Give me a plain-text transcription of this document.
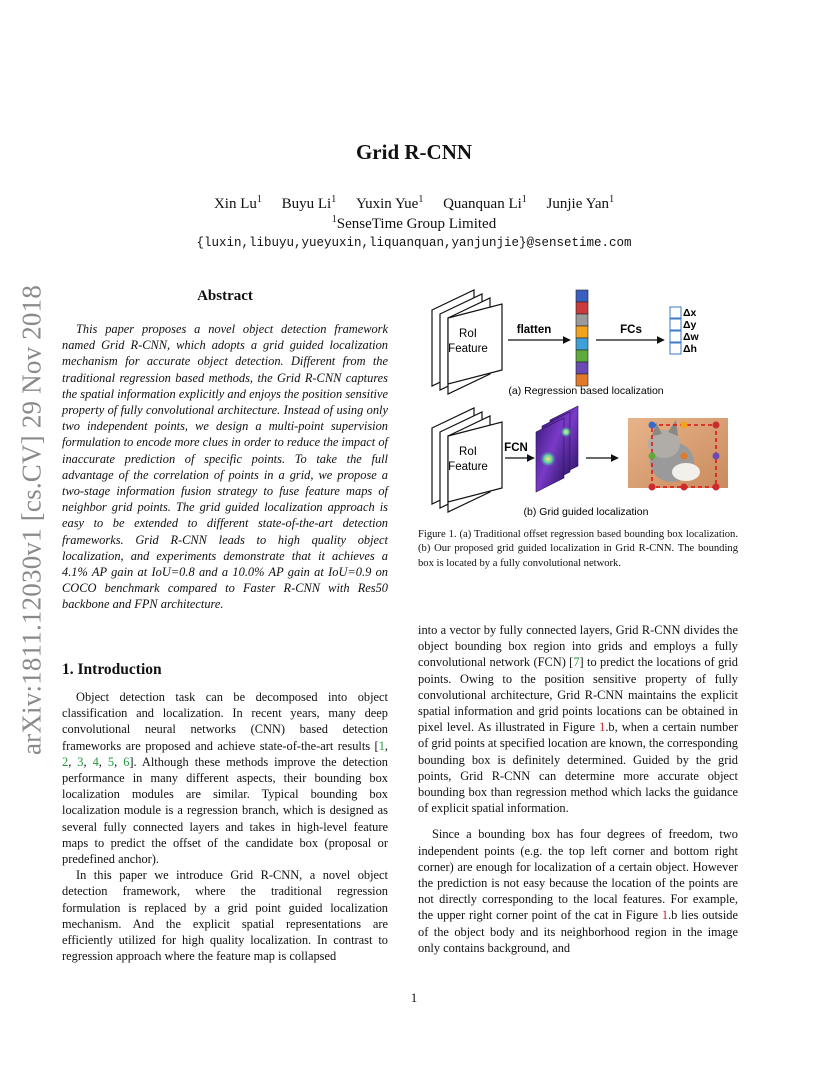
arXiv:1811.12030v1 [cs.CV] 29 Nov 2018
Grid R-CNN
Xin Lu$^1$ Buyu Li$^1$ Yuxin Yue$^1$ Quanquan Li$^1$ Junjie Yan$^1$
$^1$SenseTime Group Limited
{luxin,libuyu,yueyuxin,liquanquan,yanjunjie}@sensetime.com
Abstract
This paper proposes a novel object detection framework named Grid R-CNN, which adopts a grid guided localization mechanism for accurate object detection. Different from the traditional regression based methods, the Grid R-CNN captures the spatial information explicitly and enjoys the position sensitive property of fully convolutional architecture. Instead of using only two independent points, we design a multi-point supervision formulation to encode more clues in order to reduce the impact of inaccurate prediction of specific points. To take the full advantage of the correlation of points in a grid, we propose a two-stage information fusion strategy to fuse feature maps of neighbor grid points. The grid guided localization approach is easy to be extended to different state-of-the-art detection frameworks. Grid R-CNN leads to high quality object localization, and experiments demonstrate that it achieves a 4.1% AP gain at IoU=0.8 and a 10.0% AP gain at IoU=0.9 on COCO benchmark compared to Faster R-CNN with Res50 backbone and FPN architecture.
1. Introduction

Object detection task can be decomposed into object classification and localization. In recent years, many deep convolutional neural networks (CNN) based detection frameworks are proposed and achieve state-of-the-art results [1, 2, 3, 4, 5, 6]. Although these methods improve the detection performance in many different aspects, their bounding box localization modules are similar. Typical bounding box localization module is a regression branch, which is designed as several fully connected layers and takes in high-level feature maps to predict the offset of the candidate box (proposal or predefined anchor).

In this paper we introduce Grid R-CNN, a novel object detection framework, where the traditional regression formulation is replaced by a grid point guided localization mechanism. And the explicit spatial representations are efficiently utilized for high quality localization. In contrast to regression approach where the feature map is collapsed

into a vector by fully connected layers, Grid R-CNN divides the object bounding box region into grids and employs a fully convolutional network (FCN) [7] to predict the locations of grid points. Owing to the position sensitive property of fully convolutional architecture, Grid R-CNN maintains the explicit spatial information and grid points locations can be obtained in pixel level. As illustrated in Figure 1.b, when a certain number of grid points at specified location are known, the corresponding bounding box is definitely determined. Guided by the grid points, Grid R-CNN can determine more accurate object bounding box than regression method which lacks the guidance of explicit spatial information.

Since a bounding box has four degrees of freedom, two independent points (e.g. the top left corner and bottom right corner) are enough for localization of a certain object. However the prediction is not easy because the location of the points are not directly corresponding to the local features. For example, the upper right corner point of the cat in Figure 1.b lies outside of the object body and its neighborhood region in the image only contains background, and

RoI
Feature
flatten	FCs
Δx
Δy
Δw
Δh
(a) Regression based localization
RoI
Feature
FCN
(b) Grid guided localization
Figure 1. (a) Traditional offset regression based bounding box localization. (b) Our proposed grid guided localization in Grid R-CNN. The bounding box is located by a fully convolutional network.
1
